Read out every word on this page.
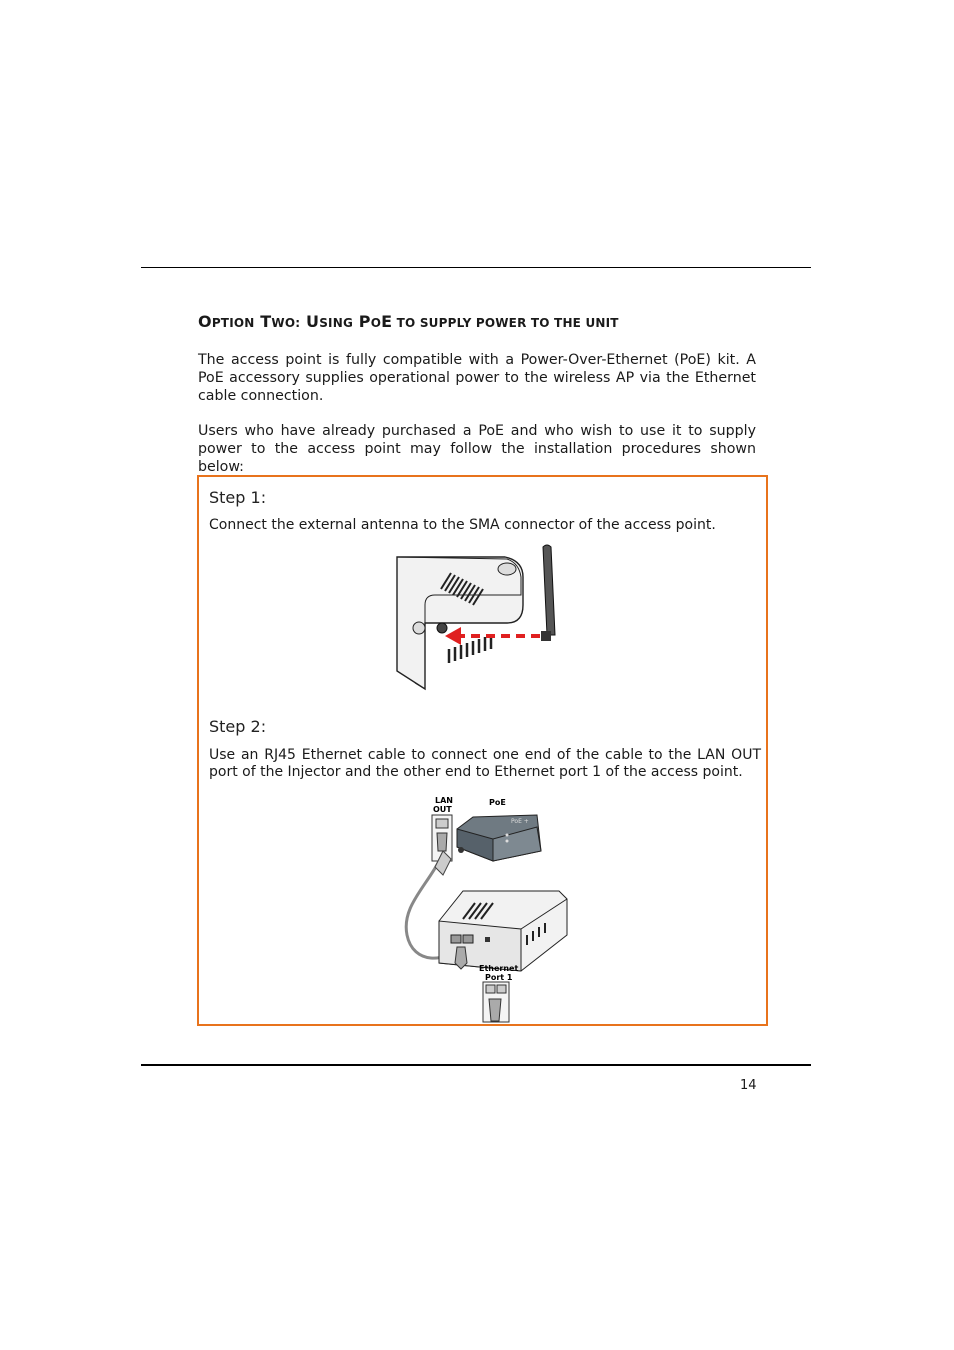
OPTION TWO: USING POE TO SUPPLY POWER TO THE UNIT

The access point is fully compatible with a Power-Over-Ethernet (PoE) kit. A PoE accessory supplies operational power to the wireless AP via the Ethernet cable connection.

Users who have already purchased a PoE and who wish to use it to supply power to the access point may follow the installation procedures shown below:

Step 1:
Connect the external antenna to the SMA connector of the access point.
Step 2:
Use an RJ45 Ethernet cable to connect one end of the cable to the LAN OUT port of the Injector and the other end to Ethernet port 1 of the access point.
LAN
OUT
PoE
PoE +
Ethernet
Port 1
14
